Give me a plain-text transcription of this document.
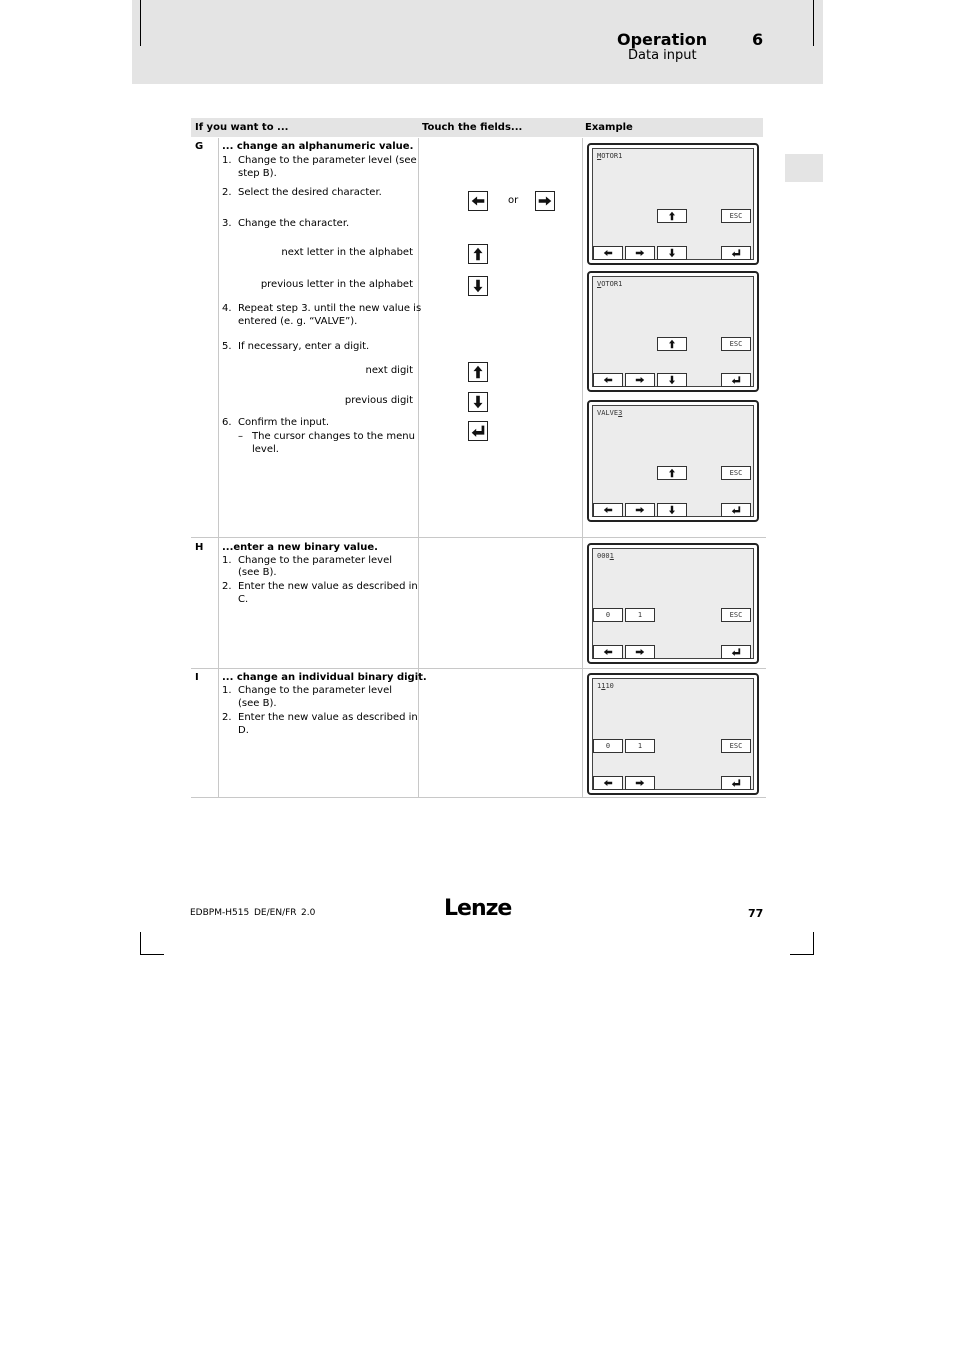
Operation	6
Data input
If you want to ...	Touch the fields...	Example
G ... change an alphanumeric value.
1. Change to the parameter level (see
step B).
2. Select the desired character.
3. Change the character.
next letter in the alphabet
previous letter in the alphabet
4. Repeat step 3. until the new value is
entered (e. g. “VALVE”).
5. If necessary, enter a digit.
next digit
previous digit
6. Confirm the input.
– The cursor changes to the menu
level.
or
MOTOR1
ESC
VOTOR1
ESC
VALVE3
ESC
H ...enter a new binary value.
1. Change to the parameter level
(see B).
2. Enter the new value as described in
C.
0001
0	1	ESC
I ... change an individual binary digit.
1. Change to the parameter level
(see B).
2. Enter the new value as described in
D.
1110
0	1	ESC
EDBPM-H515 DE/EN/FR 2.0	Lenze	77
